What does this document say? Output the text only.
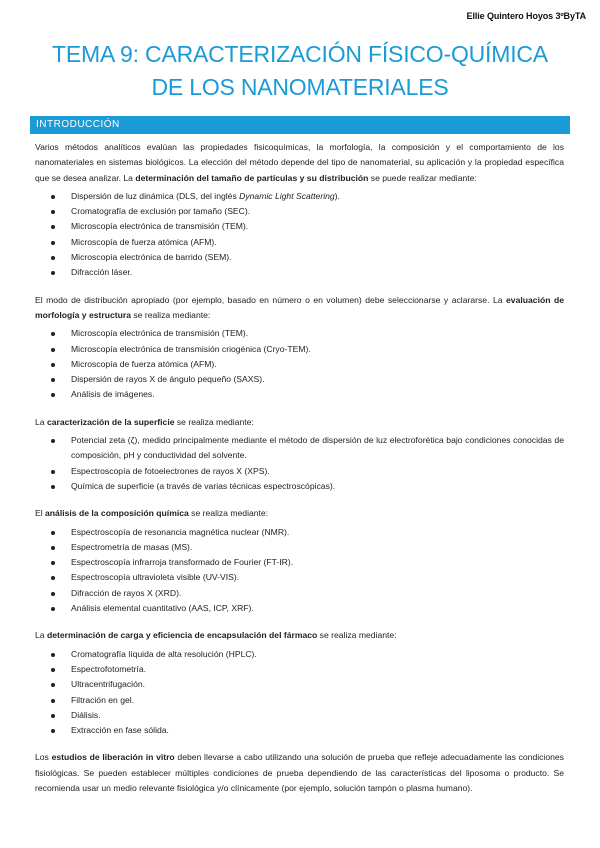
Ellie Quintero Hoyos 3ºByTA
TEMA 9: CARACTERIZACIÓN FÍSICO-QUÍMICA
DE LOS NANOMATERIALES
INTRODUCCIÓN

Varios métodos analíticos evalúan las propiedades fisicoquímicas, la morfología, la composición y el comportamiento de los nanomateriales en sistemas biológicos. La elección del método depende del tipo de nanomaterial, su aplicación y la propiedad específica que se desea analizar. La determinación del tamaño de partículas y su distribución se puede realizar mediante:

Dispersión de luz dinámica (DLS, del inglés Dynamic Light Scattering).
Cromatografía de exclusión por tamaño (SEC).
Microscopía electrónica de transmisión (TEM).
Microscopía de fuerza atómica (AFM).
Microscopía electrónica de barrido (SEM).
Difracción láser.

El modo de distribución apropiado (por ejemplo, basado en número o en volumen) debe seleccionarse y aclararse. La evaluación de morfología y estructura se realiza mediante:

Microscopía electrónica de transmisión (TEM).
Microscopía electrónica de transmisión criogénica (Cryo-TEM).
Microscopía de fuerza atómica (AFM).
Dispersión de rayos X de ángulo pequeño (SAXS).
Análisis de imágenes.

La caracterización de la superficie se realiza mediante:

Potencial zeta (ζ), medido principalmente mediante el método de dispersión de luz electroforética bajo condiciones conocidas de composición, pH y conductividad del solvente.
Espectroscopía de fotoelectrones de rayos X (XPS).
Química de superficie (a través de varias técnicas espectroscópicas).

El análisis de la composición química se realiza mediante:

Espectroscopía de resonancia magnética nuclear (NMR).
Espectrometría de masas (MS).
Espectroscopía infrarroja transformado de Fourier (FT-IR).
Espectroscopía ultravioleta visible (UV-VIS).
Difracción de rayos X (XRD).
Análisis elemental cuantitativo (AAS, ICP, XRF).

La determinación de carga y eficiencia de encapsulación del fármaco se realiza mediante:

Cromatografía líquida de alta resolución (HPLC).
Espectrofotometría.
Ultracentrifugación.
Filtración en gel.
Diálisis.
Extracción en fase sólida.

Los estudios de liberación in vitro deben llevarse a cabo utilizando una solución de prueba que refleje adecuadamente las condiciones fisiológicas. Se pueden establecer múltiples condiciones de prueba dependiendo de las características del liposoma o producto. Se recomienda usar un medio relevante fisiológica y/o clínicamente (por ejemplo, solución tampón o plasma humano).
